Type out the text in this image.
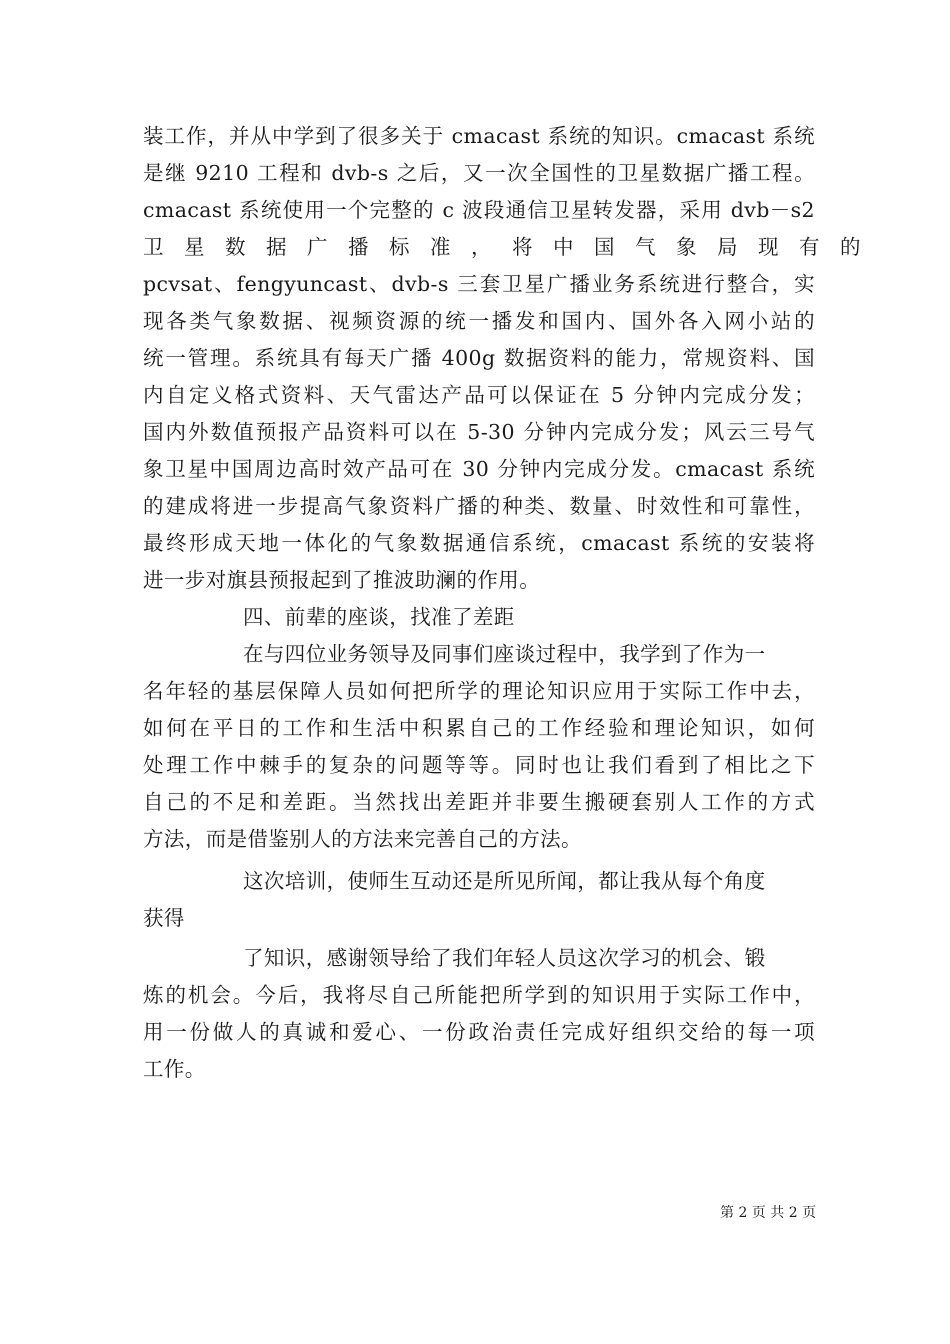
装工作，并从中学到了很多关于 cmacast 系统的知识。cmacast 系统
是继 9210 工程和 dvb-s 之后，又一次全国性的卫星数据广播工程。
cmacast 系统使用一个完整的 c 波段通信卫星转发器，采用 dvb－s2
卫星数据广播标准，将中国气象局现有的
pcvsat、fengyuncast、dvb-s 三套卫星广播业务系统进行整合，实
现各类气象数据、视频资源的统一播发和国内、国外各入网小站的
统一管理。系统具有每天广播 400g 数据资料的能力，常规资料、国
内自定义格式资料、天气雷达产品可以保证在 5 分钟内完成分发；
国内外数值预报产品资料可以在 5-30 分钟内完成分发；风云三号气
象卫星中国周边高时效产品可在 30 分钟内完成分发。cmacast 系统
的建成将进一步提高气象资料广播的种类、数量、时效性和可靠性，
最终形成天地一体化的气象数据通信系统，cmacast 系统的安装将
进一步对旗县预报起到了推波助澜的作用。
四、前辈的座谈，找准了差距
在与四位业务领导及同事们座谈过程中，我学到了作为一
名年轻的基层保障人员如何把所学的理论知识应用于实际工作中去，
如何在平日的工作和生活中积累自己的工作经验和理论知识，如何
处理工作中棘手的复杂的问题等等。同时也让我们看到了相比之下
自己的不足和差距。当然找出差距并非要生搬硬套别人工作的方式
方法，而是借鉴别人的方法来完善自己的方法。
这次培训，使师生互动还是所见所闻，都让我从每个角度
获得
了知识，感谢领导给了我们年轻人员这次学习的机会、锻
炼的机会。今后，我将尽自己所能把所学到的知识用于实际工作中，
用一份做人的真诚和爱心、一份政治责任完成好组织交给的每一项
工作。
第 2 页 共 2 页
